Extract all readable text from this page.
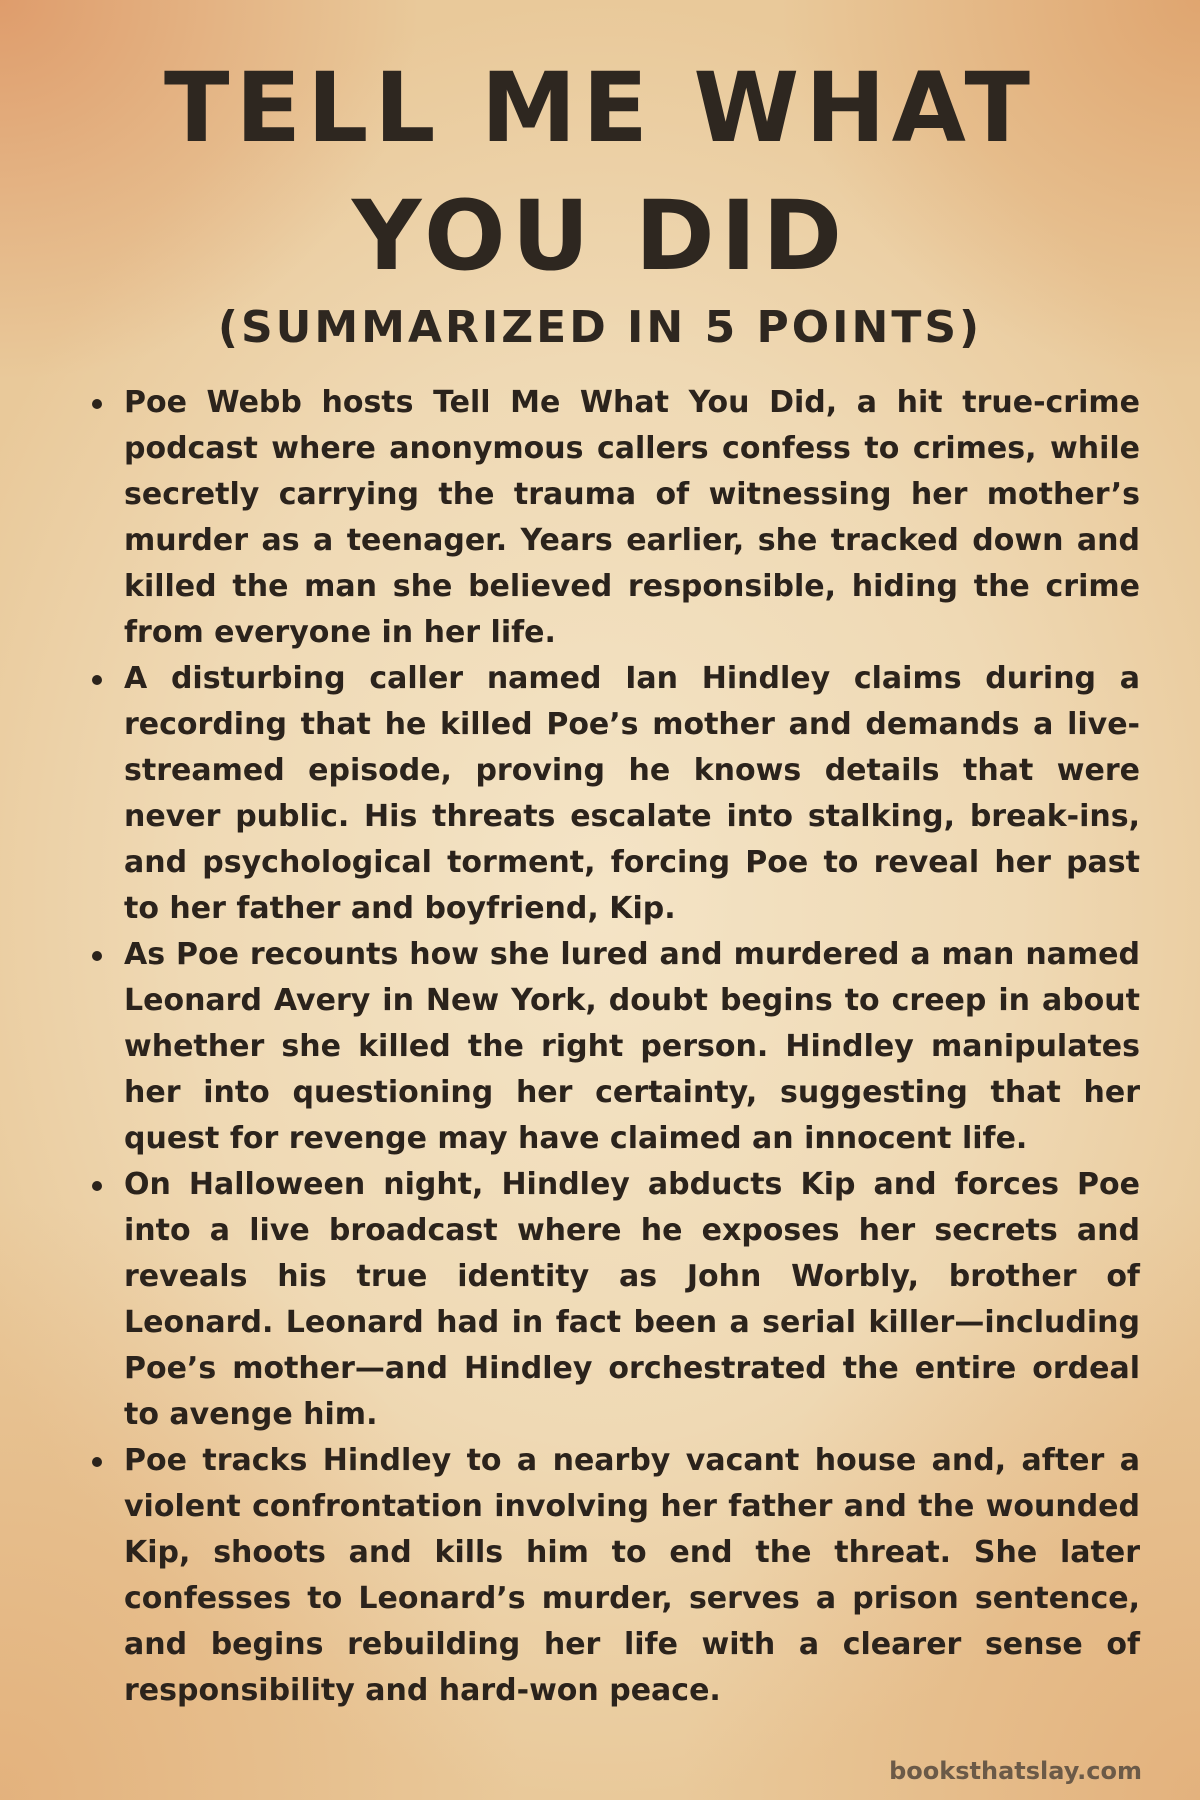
TELL ME WHAT
YOU DID
(SUMMARIZED IN 5 POINTS)
Poe Webb hosts Tell Me What You Did, a hit true-crime podcast where anonymous callers confess to crimes, while secretly carrying the trauma of witnessing her mother’s murder as a teenager. Years earlier, she tracked down and killed the man she believed responsible, hiding the crime from everyone in her life.
A disturbing caller named Ian Hindley claims during a recording that he killed Poe’s mother and demands a live-streamed episode, proving he knows details that were never public. His threats escalate into stalking, break-ins, and psychological torment, forcing Poe to reveal her past to her father and boyfriend, Kip.
As Poe recounts how she lured and murdered a man named Leonard Avery in New York, doubt begins to creep in about whether she killed the right person. Hindley manipulates her into questioning her certainty, suggesting that her quest for revenge may have claimed an innocent life.
On Halloween night, Hindley abducts Kip and forces Poe into a live broadcast where he exposes her secrets and reveals his true identity as John Worbly, brother of Leonard. Leonard had in fact been a serial killer—including Poe’s mother—and Hindley orchestrated the entire ordeal to avenge him.
Poe tracks Hindley to a nearby vacant house and, after a violent confrontation involving her father and the wounded Kip, shoots and kills him to end the threat. She later confesses to Leonard’s murder, serves a prison sentence, and begins rebuilding her life with a clearer sense of responsibility and hard-won peace.
booksthatslay.com
